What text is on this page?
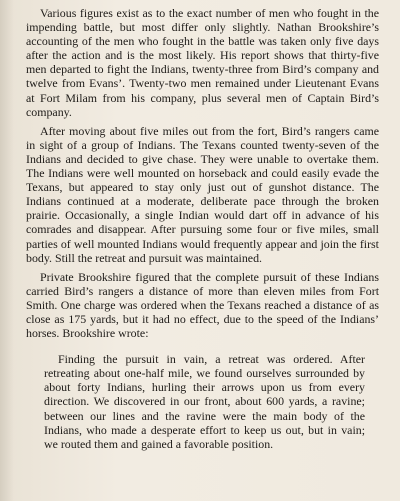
Various figures exist as to the exact number of men who fought in the impending battle, but most differ only slightly. Nathan Brookshire’s accounting of the men who fought in the battle was taken only five days after the action and is the most likely. His report shows that thirty-five men departed to fight the Indians, twenty-three from Bird’s company and twelve from Evans’. Twenty-two men remained under Lieutenant Evans at Fort Milam from his company, plus several men of Captain Bird’s company.

After moving about five miles out from the fort, Bird’s rangers came in sight of a group of Indians. The Texans counted twenty-seven of the Indians and decided to give chase. They were unable to overtake them. The Indians were well mounted on horseback and could easily evade the Texans, but appeared to stay only just out of gunshot distance. The Indians continued at a moderate, deliberate pace through the broken prairie. Occasionally, a single Indian would dart off in advance of his comrades and disappear. After pursuing some four or five miles, small parties of well mounted Indians would frequently appear and join the first body. Still the retreat and pursuit was maintained.

Private Brookshire figured that the complete pursuit of these Indians carried Bird’s rangers a distance of more than eleven miles from Fort Smith. One charge was ordered when the Texans reached a distance of as close as 175 yards, but it had no effect, due to the speed of the Indians’ horses. Brookshire wrote:

Finding the pursuit in vain, a retreat was ordered. After retreating about one-half mile, we found ourselves surrounded by about forty Indians, hurling their arrows upon us from every direction. We discovered in our front, about 600 yards, a ravine; between our lines and the ravine were the main body of the Indians, who made a desperate effort to keep us out, but in vain; we routed them and gained a favorable position.
